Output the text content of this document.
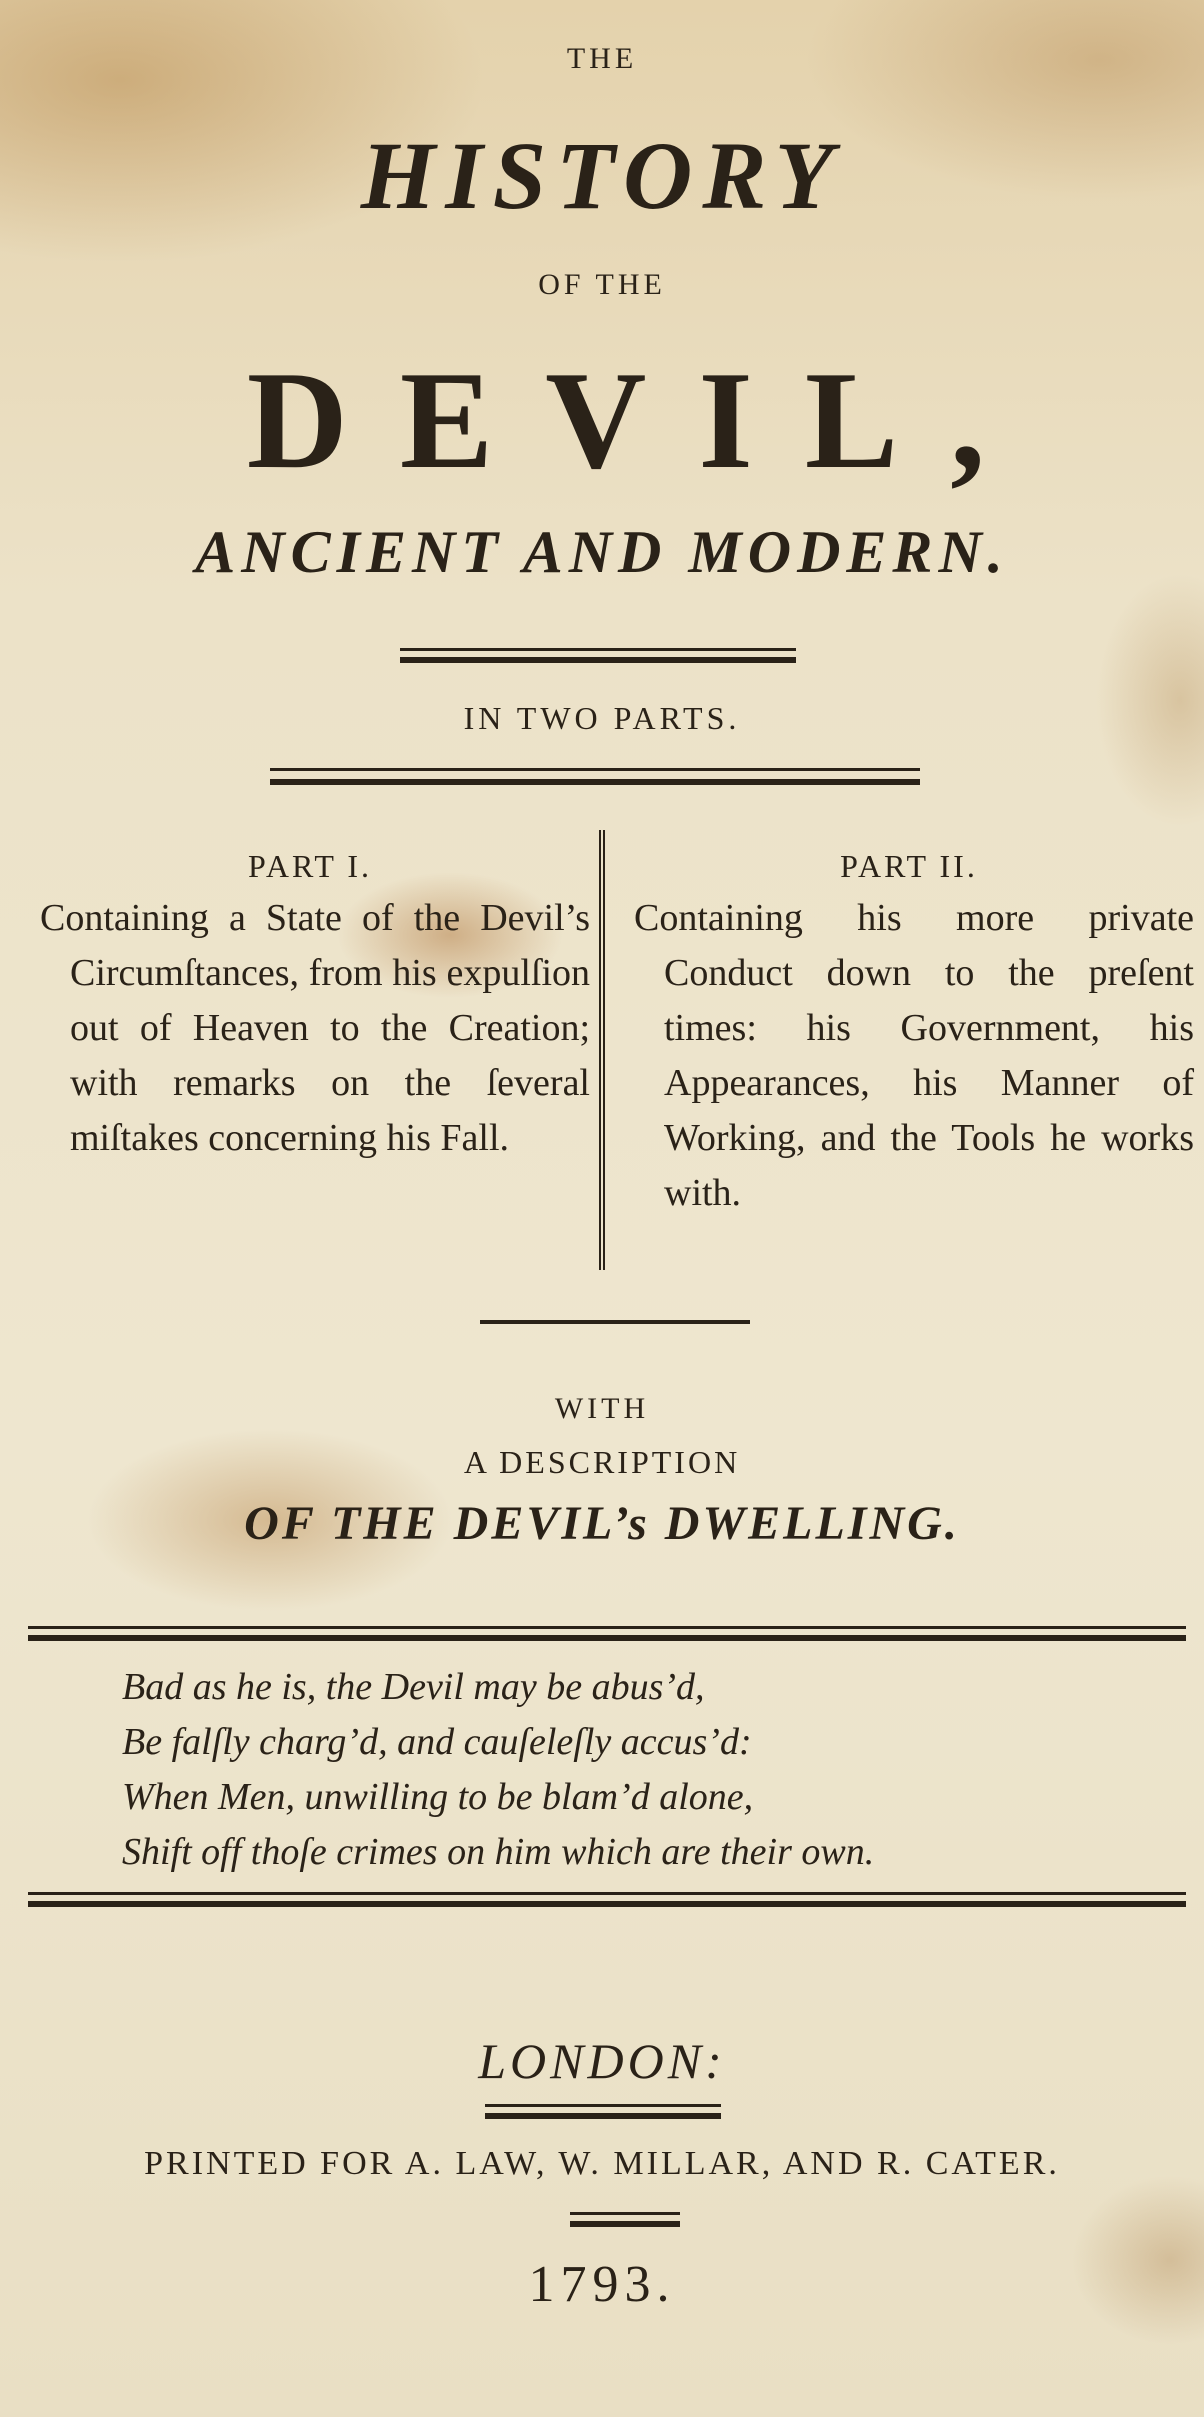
THE

HISTORY

OF THE

DEVIL,

ANCIENT AND MODERN.

IN TWO PARTS.

PART I.

Containing a State of the Devil’s Circumſtances, from his expulſion out of Heaven to the Creation; with remarks on the ſeveral miſtakes concerning his Fall.

PART II.

Containing his more private Conduct down to the preſent times: his Government, his Appearances, his Manner of Working, and the Tools he works with.

WITH

A DESCRIPTION

OF THE DEVIL’s DWELLING.

Bad as he is, the Devil may be abus’d,

Be falſly charg’d, and cauſeleſly accus’d:

When Men, unwilling to be blam’d alone,

Shift off thoſe crimes on him which are their own.

LONDON:

PRINTED FOR A. LAW, W. MILLAR, AND R. CATER.

1793.
